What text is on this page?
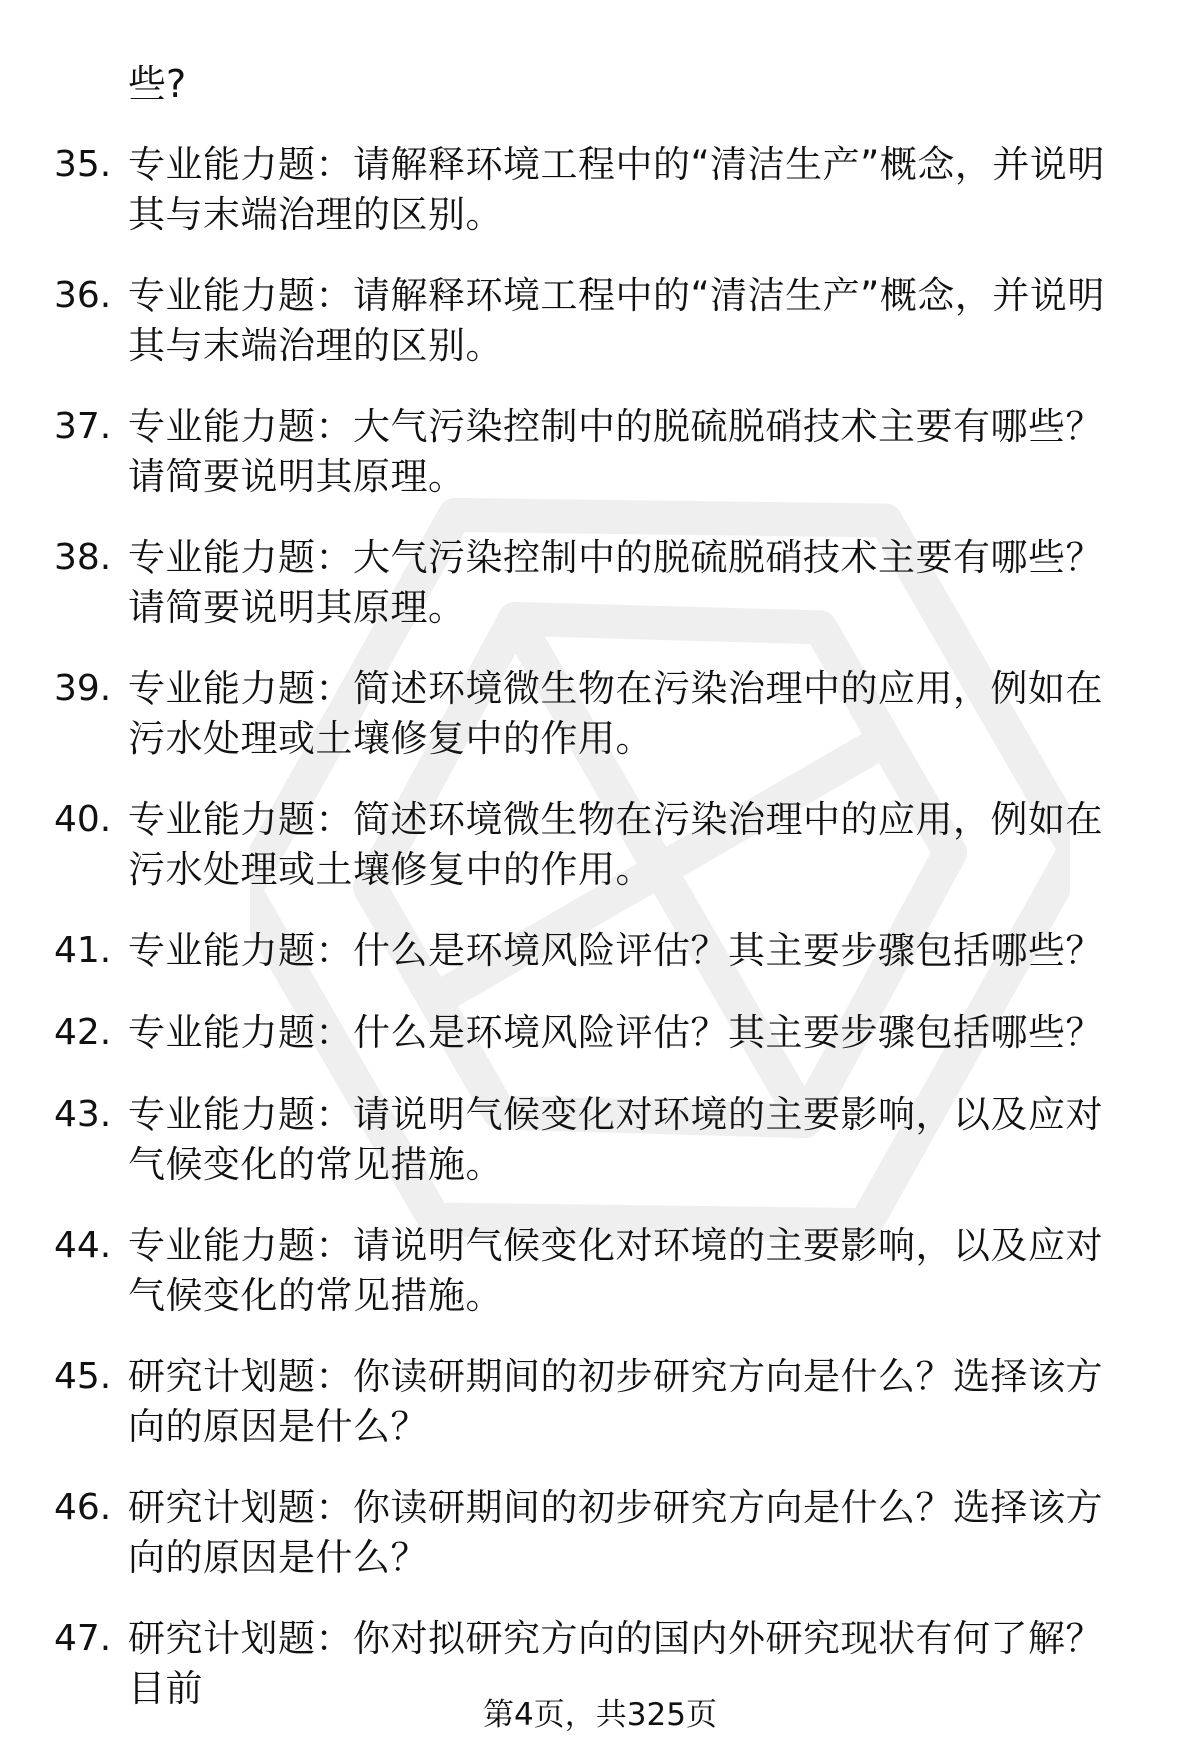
些?
35. 专业能力题：请解释环境工程中的“清洁生产”概念，并说明其与末端治理的区别。
36. 专业能力题：请解释环境工程中的“清洁生产”概念，并说明其与末端治理的区别。
37. 专业能力题：大气污染控制中的脱硫脱硝技术主要有哪些？请简要说明其原理。
38. 专业能力题：大气污染控制中的脱硫脱硝技术主要有哪些？请简要说明其原理。
39. 专业能力题：简述环境微生物在污染治理中的应用，例如在污水处理或土壤修复中的作用。
40. 专业能力题：简述环境微生物在污染治理中的应用，例如在污水处理或土壤修复中的作用。
41. 专业能力题：什么是环境风险评估？其主要步骤包括哪些？
42. 专业能力题：什么是环境风险评估？其主要步骤包括哪些？
43. 专业能力题：请说明气候变化对环境的主要影响，以及应对气候变化的常见措施。
44. 专业能力题：请说明气候变化对环境的主要影响，以及应对气候变化的常见措施。
45. 研究计划题：你读研期间的初步研究方向是什么？选择该方向的原因是什么？
46. 研究计划题：你读研期间的初步研究方向是什么？选择该方向的原因是什么？
47. 研究计划题：你对拟研究方向的国内外研究现状有何了解？目前
第4页，共325页
